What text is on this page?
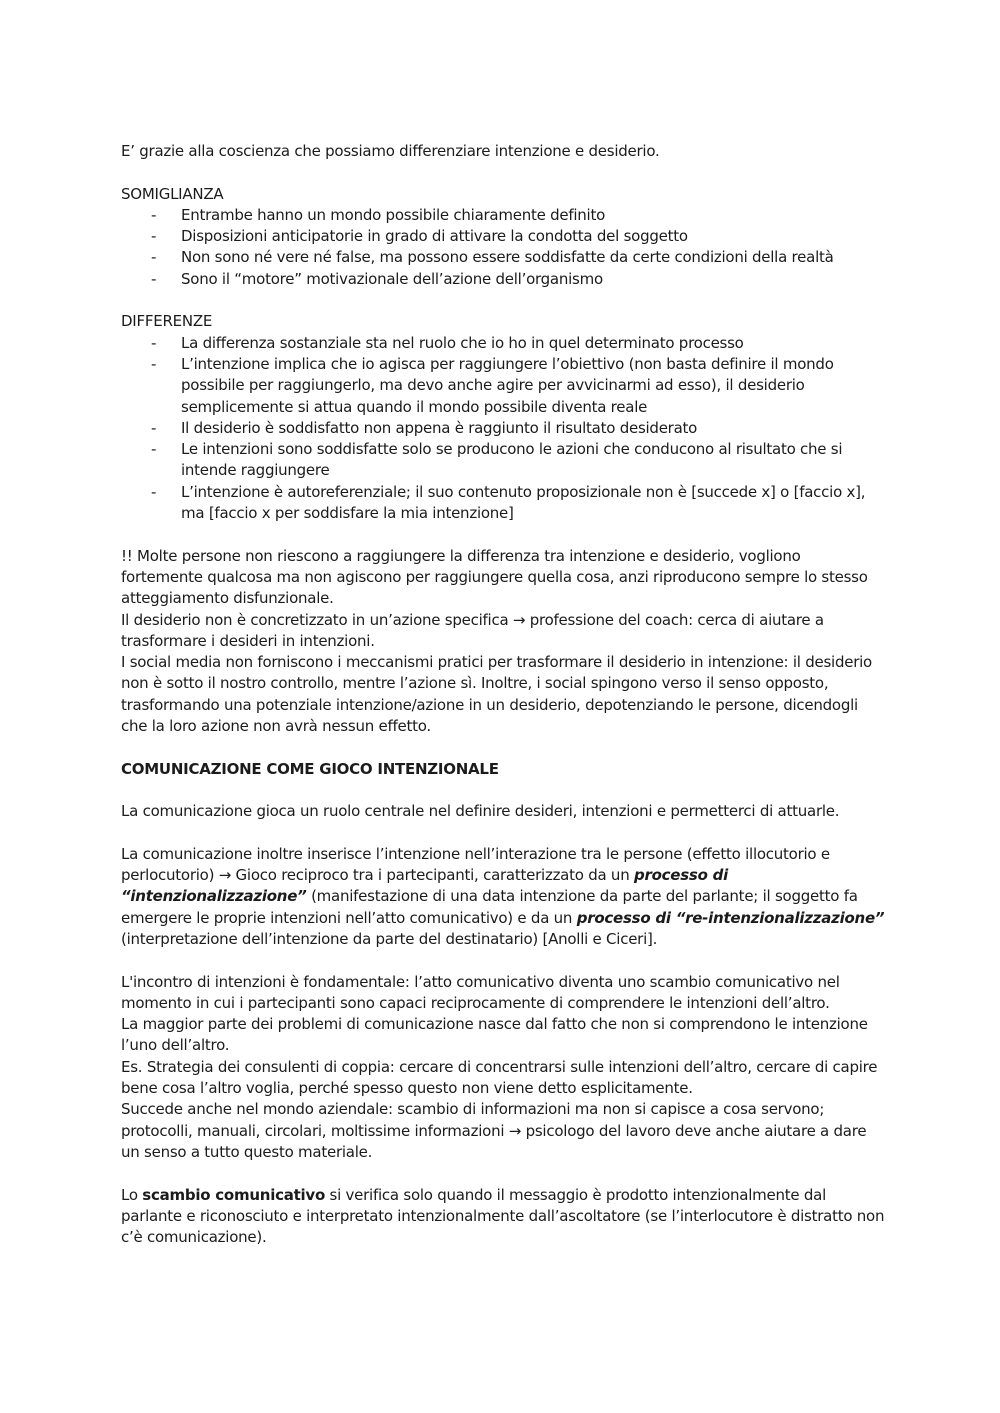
E’ grazie alla coscienza che possiamo differenziare intenzione e desiderio.

SOMIGLIANZA

- Entrambe hanno un mondo possibile chiaramente definito
- Disposizioni anticipatorie in grado di attivare la condotta del soggetto
- Non sono né vere né false, ma possono essere soddisfatte da certe condizioni della realtà
- Sono il “motore” motivazionale dell’azione dell’organismo

DIFFERENZE

- La differenza sostanziale sta nel ruolo che io ho in quel determinato processo
- L’intenzione implica che io agisca per raggiungere l’obiettivo (non basta definire il mondo possibile per raggiungerlo, ma devo anche agire per avvicinarmi ad esso), il desiderio semplicemente si attua quando il mondo possibile diventa reale
- Il desiderio è soddisfatto non appena è raggiunto il risultato desiderato
- Le intenzioni sono soddisfatte solo se producono le azioni che conducono al risultato che si intende raggiungere
- L’intenzione è autoreferenziale; il suo contenuto proposizionale non è [succede x] o [faccio x], ma [faccio x per soddisfare la mia intenzione]

!! Molte persone non riescono a raggiungere la differenza tra intenzione e desiderio, vogliono fortemente qualcosa ma non agiscono per raggiungere quella cosa, anzi riproducono sempre lo stesso atteggiamento disfunzionale.

Il desiderio non è concretizzato in un’azione specifica → professione del coach: cerca di aiutare a trasformare i desideri in intenzioni.

I social media non forniscono i meccanismi pratici per trasformare il desiderio in intenzione: il desiderio non è sotto il nostro controllo, mentre l’azione sì. Inoltre, i social spingono verso il senso opposto, trasformando una potenziale intenzione/azione in un desiderio, depotenziando le persone, dicendogli che la loro azione non avrà nessun effetto.

COMUNICAZIONE COME GIOCO INTENZIONALE

La comunicazione gioca un ruolo centrale nel definire desideri, intenzioni e permetterci di attuarle.

La comunicazione inoltre inserisce l’intenzione nell’interazione tra le persone (effetto illocutorio e perlocutorio) → Gioco reciproco tra i partecipanti, caratterizzato da un processo di “intenzionalizzazione” (manifestazione di una data intenzione da parte del parlante; il soggetto fa emergere le proprie intenzioni nell’atto comunicativo) e da un processo di “re-intenzionalizzazione” (interpretazione dell’intenzione da parte del destinatario) [Anolli e Ciceri].

L'incontro di intenzioni è fondamentale: l’atto comunicativo diventa uno scambio comunicativo nel momento in cui i partecipanti sono capaci reciprocamente di comprendere le intenzioni dell’altro.

La maggior parte dei problemi di comunicazione nasce dal fatto che non si comprendono le intenzione l’uno dell’altro.

Es. Strategia dei consulenti di coppia: cercare di concentrarsi sulle intenzioni dell’altro, cercare di capire bene cosa l’altro voglia, perché spesso questo non viene detto esplicitamente.

Succede anche nel mondo aziendale: scambio di informazioni ma non si capisce a cosa servono; protocolli, manuali, circolari, moltissime informazioni → psicologo del lavoro deve anche aiutare a dare un senso a tutto questo materiale.

Lo scambio comunicativo si verifica solo quando il messaggio è prodotto intenzionalmente dal parlante e riconosciuto e interpretato intenzionalmente dall’ascoltatore (se l’interlocutore è distratto non c’è comunicazione).
